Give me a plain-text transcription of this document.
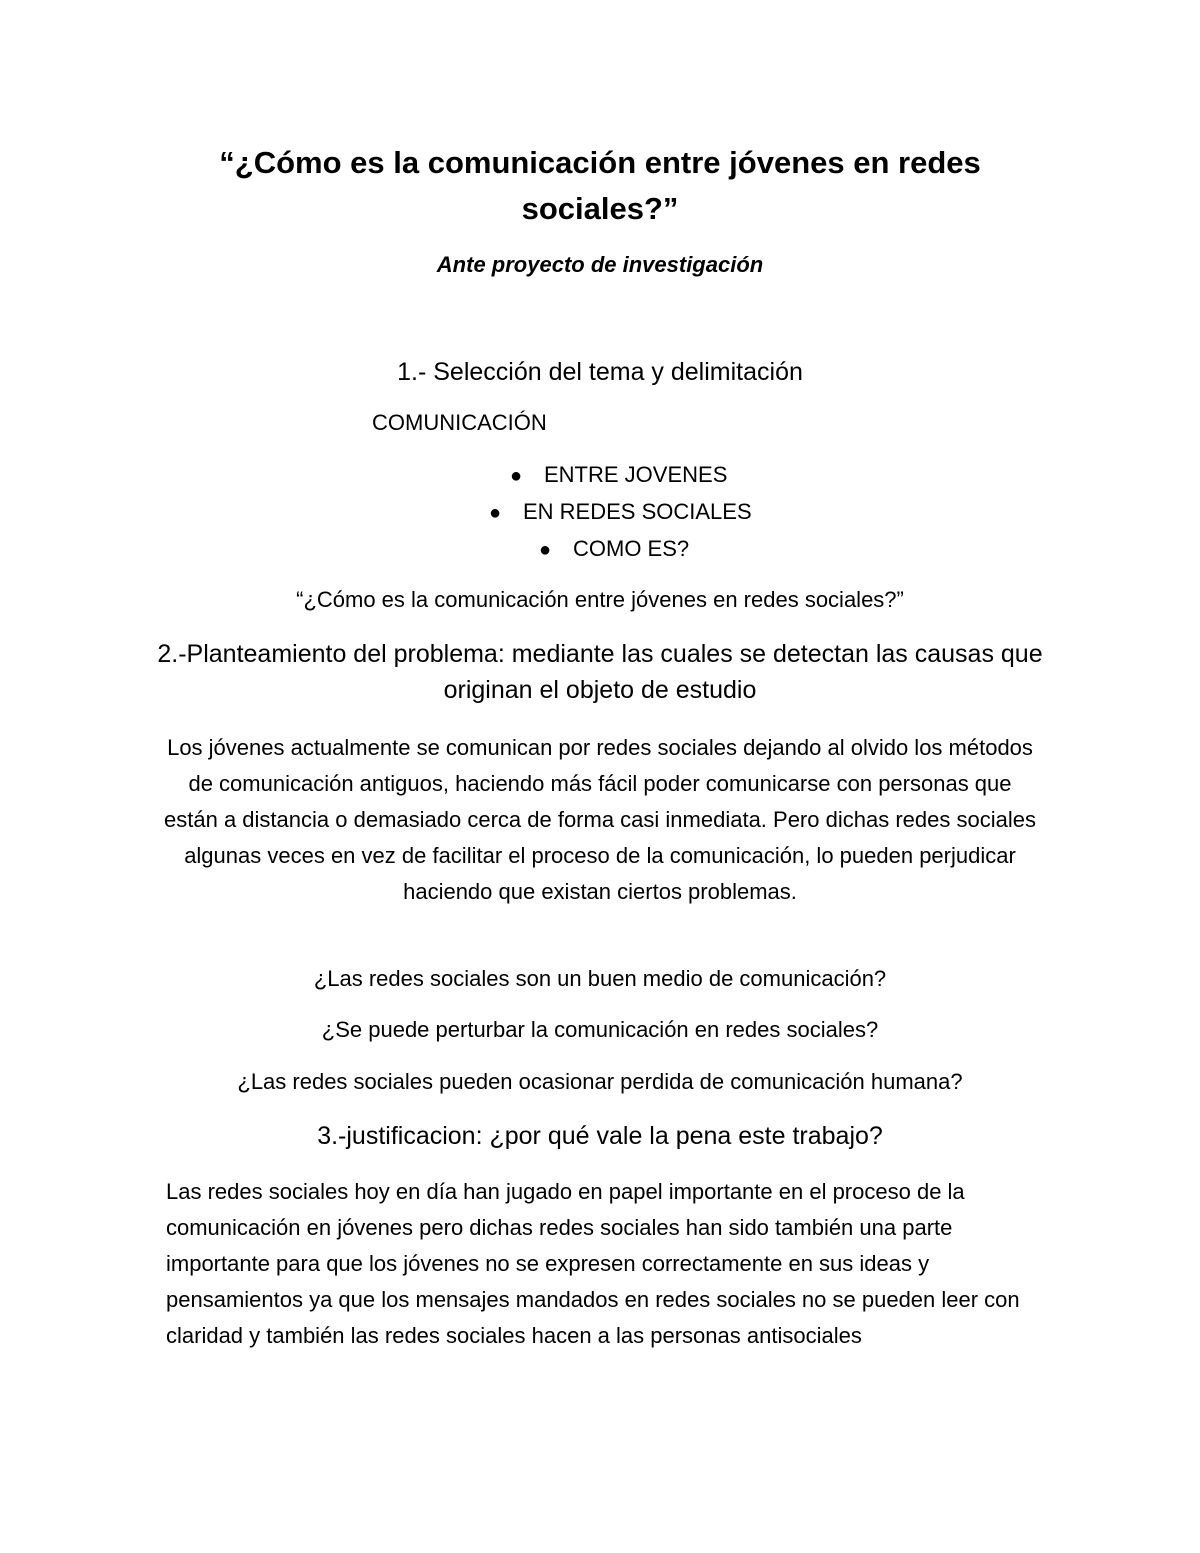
“¿Cómo es la comunicación entre jóvenes en redes sociales?”

Ante proyecto de investigación

1.- Selección del tema y delimitación

COMUNICACIÓN

● ENTRE JOVENES
● EN REDES SOCIALES
● COMO ES?

“¿Cómo es la comunicación entre jóvenes en redes sociales?”

2.-Planteamiento del problema: mediante las cuales se detectan las causas que originan el objeto de estudio

Los jóvenes actualmente se comunican por redes sociales dejando al olvido los métodos de comunicación antiguos, haciendo más fácil poder comunicarse con personas que están a distancia o demasiado cerca de forma casi inmediata. Pero dichas redes sociales algunas veces en vez de facilitar el proceso de la comunicación, lo pueden perjudicar haciendo que existan ciertos problemas.

¿Las redes sociales son un buen medio de comunicación?

¿Se puede perturbar la comunicación en redes sociales?

¿Las redes sociales pueden ocasionar perdida de comunicación humana?

3.-justificacion: ¿por qué vale la pena este trabajo?

Las redes sociales hoy en día han jugado en papel importante en el proceso de la comunicación en jóvenes pero dichas redes sociales han sido también una parte importante para que los jóvenes no se expresen correctamente en sus ideas y pensamientos ya que los mensajes mandados en redes sociales no se pueden leer con claridad y también las redes sociales hacen a las personas antisociales
